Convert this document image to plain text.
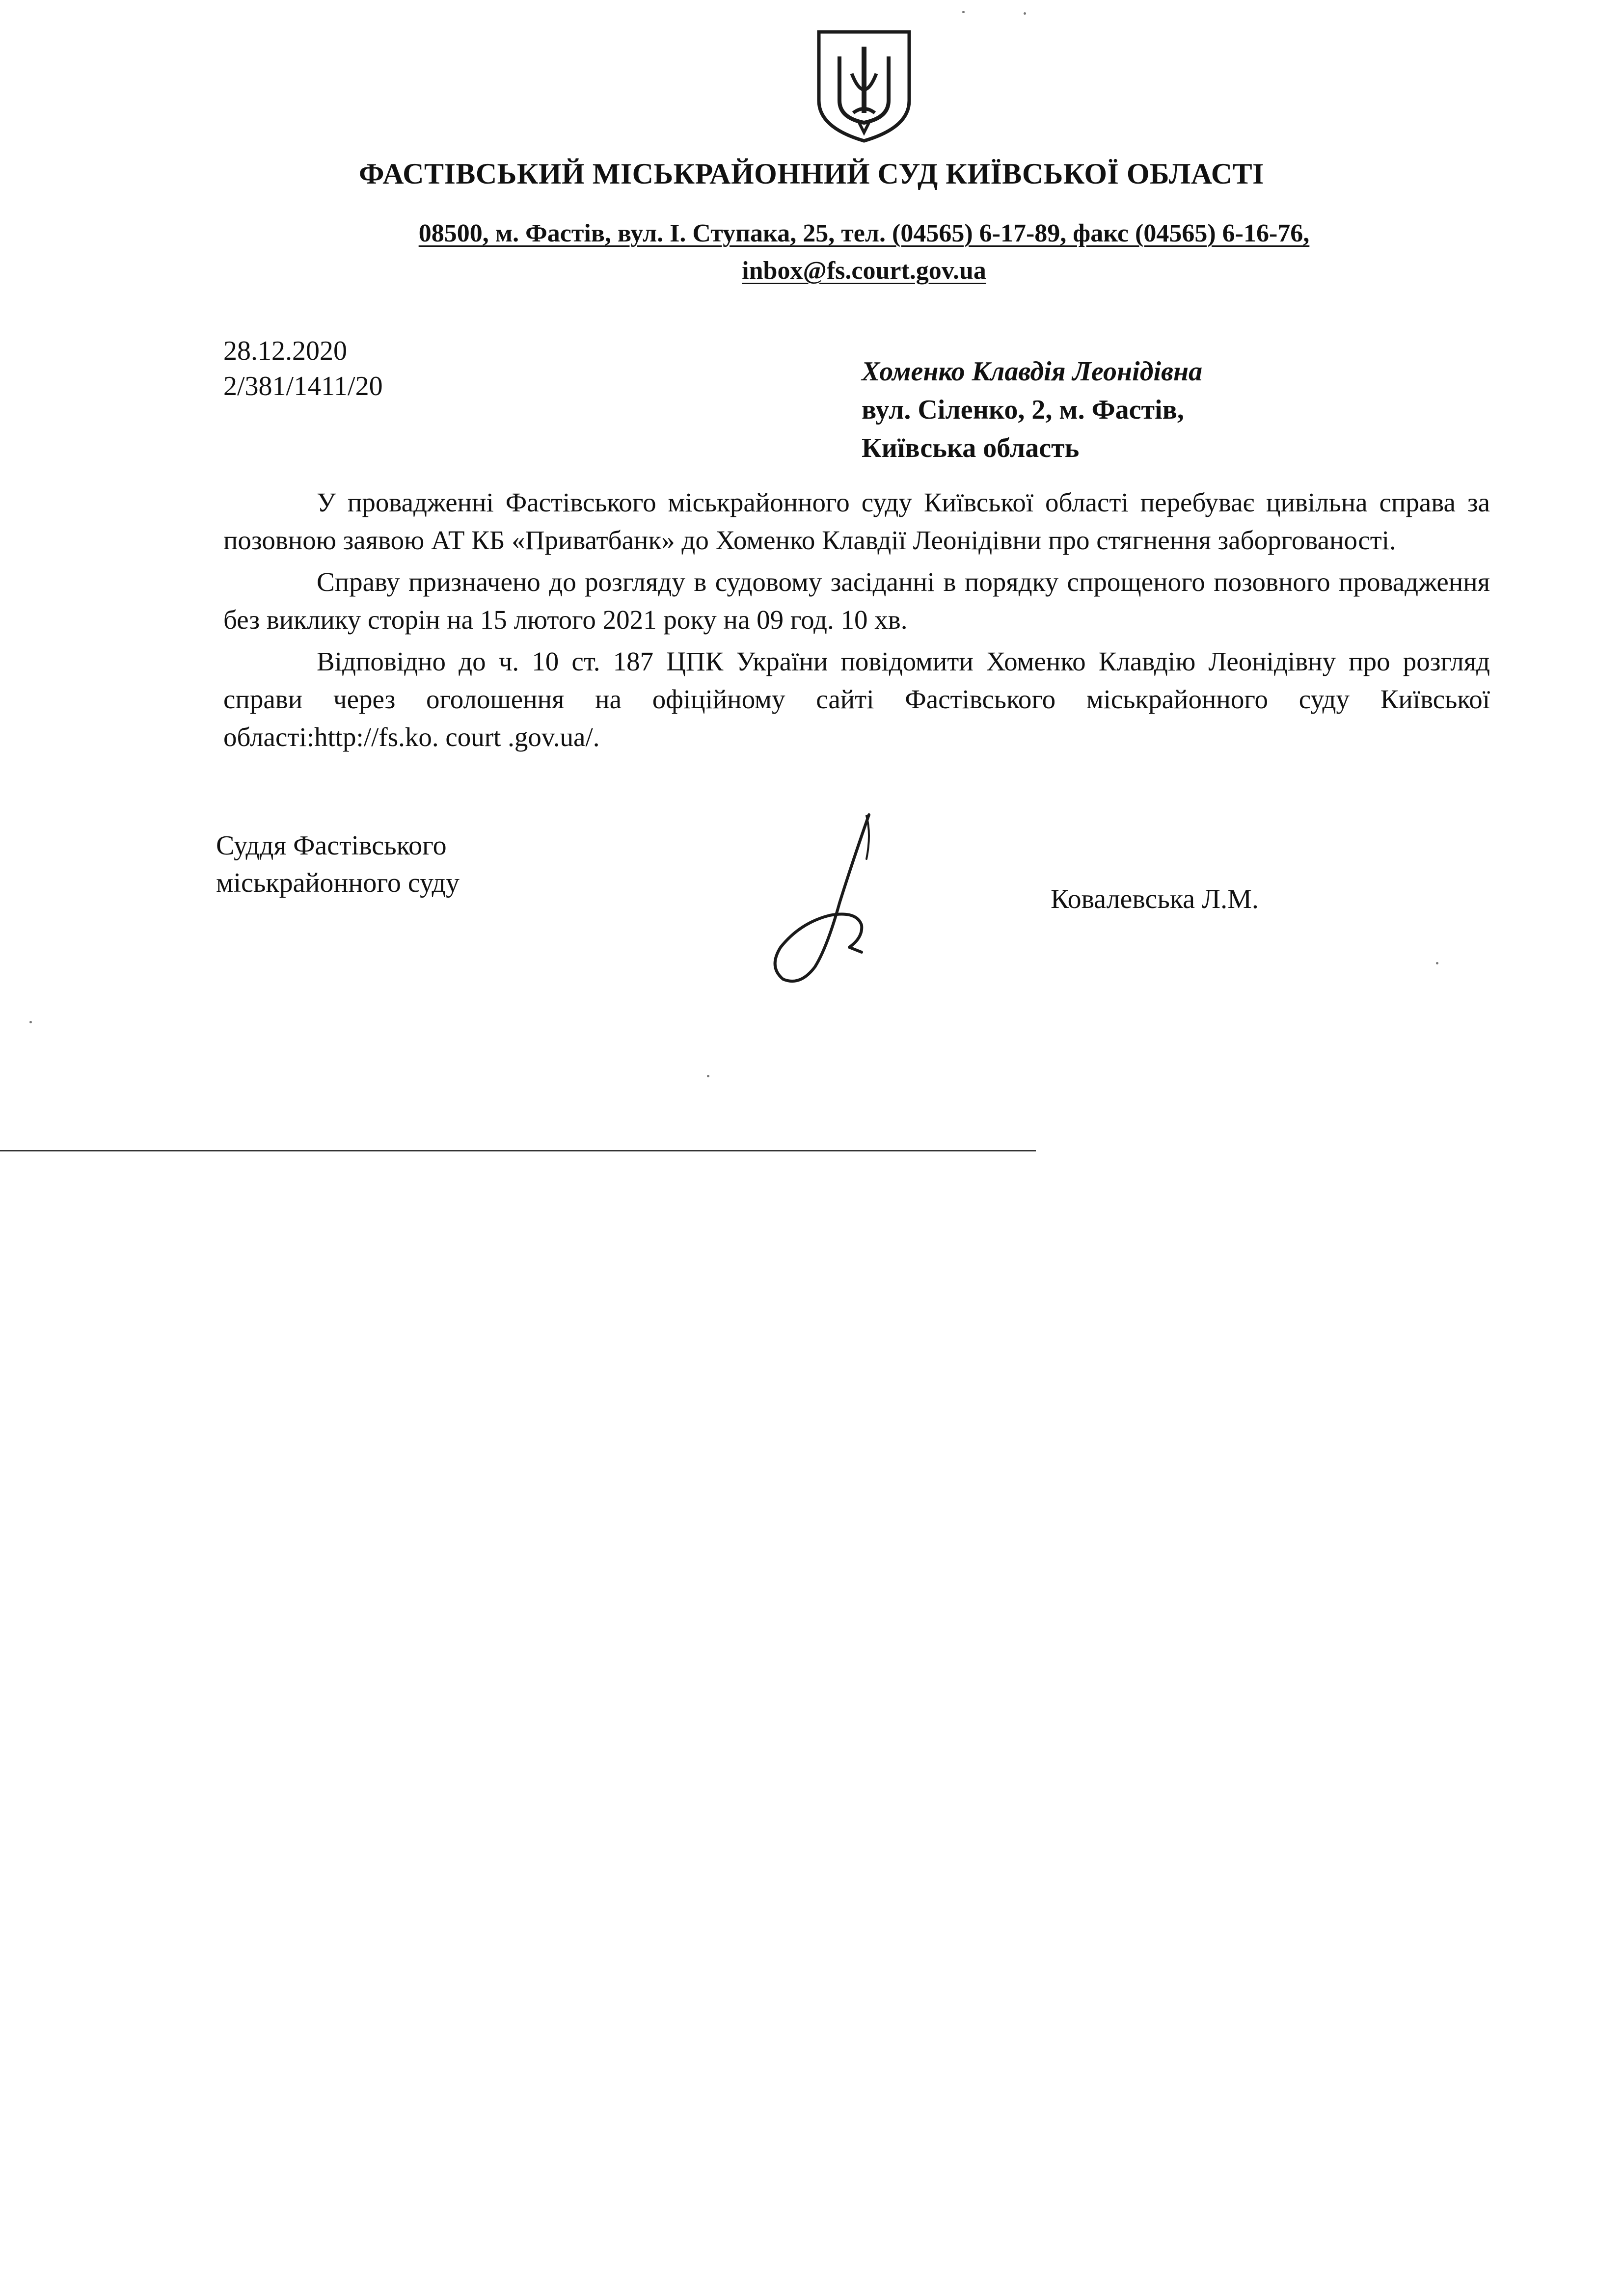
ФАСТІВСЬКИЙ МІСЬКРАЙОННИЙ СУД КИЇВСЬКОЇ ОБЛАСТІ
08500, м. Фастів, вул. І. Ступака, 25, тел. (04565) 6-17-89, факс (04565) 6-16-76,
inbox@fs.court.gov.ua
28.12.2020
2/381/1411/20	Хоменко Клавдія Леонідівна
вул. Сіленко, 2, м. Фастів,
Київська область

У провадженні Фастівського міськрайонного суду Київської області перебуває цивільна справа за позовною заявою АТ КБ «Приватбанк» до Хоменко Клавдії Леонідівни про стягнення заборгованості.

Справу призначено до розгляду в судовому засіданні в порядку спрощеного позовного провадження без виклику сторін на 15 лютого 2021 року на 09 год. 10 хв.

Відповідно до ч. 10 ст. 187 ЦПК України повідомити Хоменко Клавдію Леонідівну про розгляд справи через оголошення на офіційному сайті Фастівського міськрайонного суду Київської області:http://fs.ko. court .gov.ua/.

Суддя Фастівського
міськрайонного суду
Ковалевська Л.М.
